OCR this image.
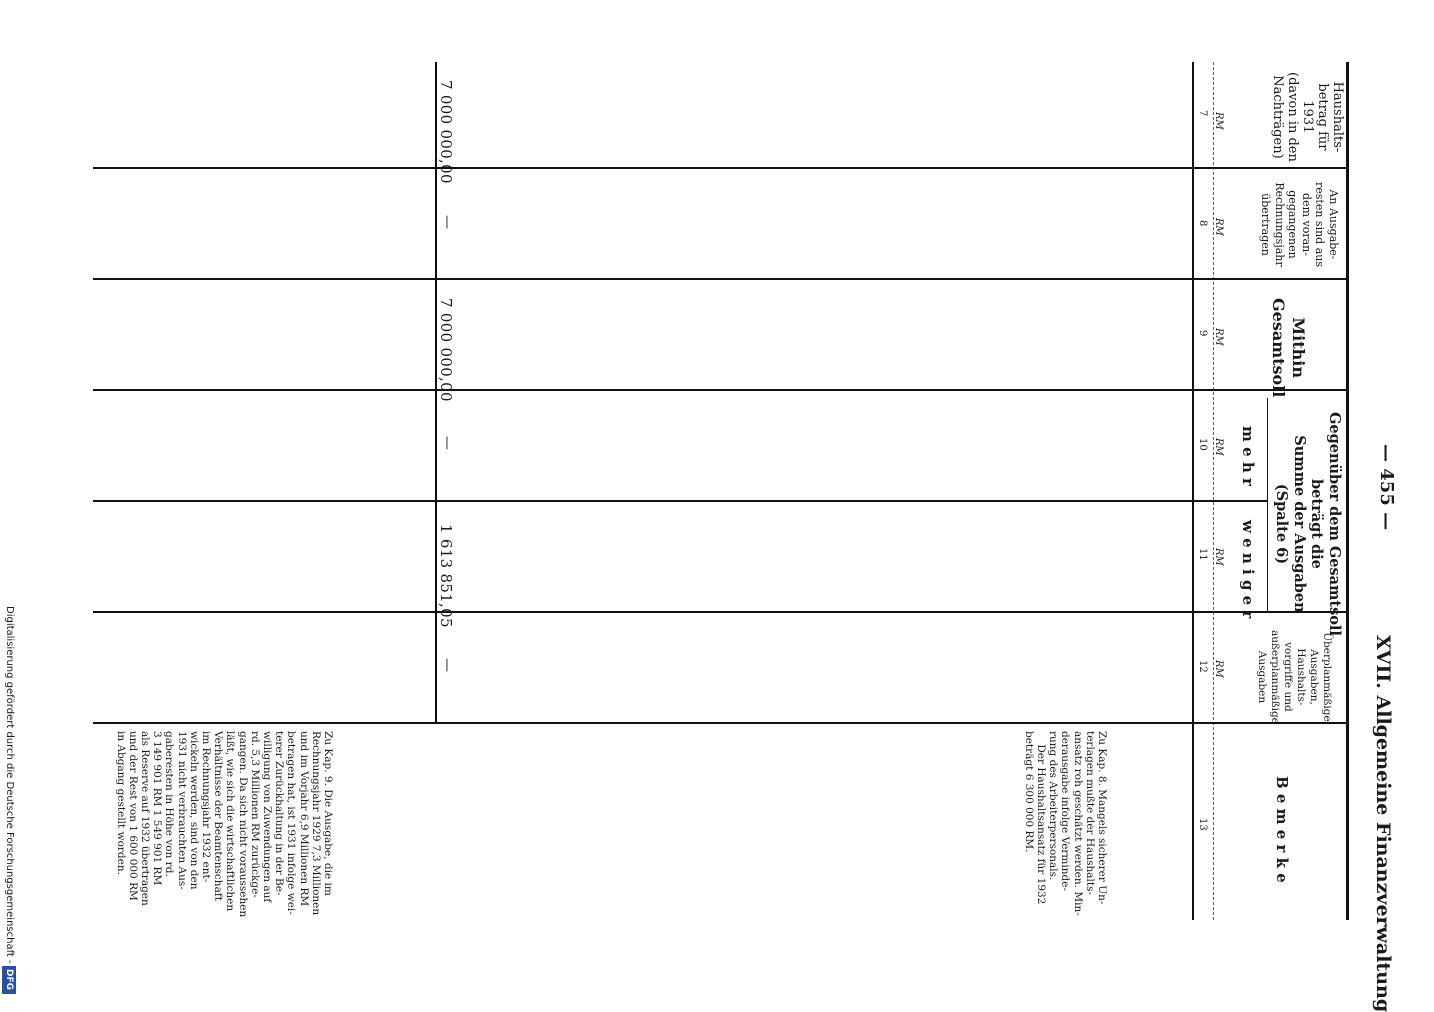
— 455 —
XVII. Allgemeine Finanzverwaltung
Haushalts-
betrag für
1931
(davon in den
Nachträgen)
RM
7
An Ausgabe-
resten sind aus
dem voran-
gegangenen
Rechnungsjahr
übertragen
RM
8
Mithin
Gesamtsoll
RM
9
Gegenüber dem Gesamtsoll
beträgt die
Summe der Ausgaben
(Spalte 6)
m e h r
RM
10
w e n i g e r
RM
11
Überplanmäßige
Ausgaben,
Haushalts-
vorgriffe und
außerplanmäßige
Ausgaben
RM
12
B e m e r k e
13
7 000 000,00
—
7 000 000,00
—
1 613 851,05
—
Zu Kap. 8. Mangels sicherer Un-
terlagen mußte der Haushalts-
ansatz roh geschätzt werden. Min-
derausgabe infolge Verminde-
rung des Arbeiterpersonals.
Der Haushaltsansatz für 1932
beträgt 6 300 000 RM.
Zu Kap. 9. Die Ausgabe, die im
Rechnungsjahr 1929 7,3 Millionen
und im Vorjahr 6,9 Millionen RM
betragen hat, ist 1931 infolge wei-
terer Zurückhaltung in der Be-
willigung von Zuwendungen auf
rd. 5,3 Millionen RM zurückge-
gangen. Da sich nicht voraussehen
läßt, wie sich die wirtschaftlichen
Verhältnisse der Beamtenschaft
im Rechnungsjahr 1932 ent-
wickeln werden, sind von den
1931 nicht verbrauchten Aus-
gaberesten in Höhe von rd.
3 149 901 RM 1 549 901 RM
als Reserve auf 1932 übertragen
und der Rest von 1 600 000 RM
in Abgang gestellt worden.
Digitalisierung gefördert durch die Deutsche Forschungsgemeinschaft -
DFG
